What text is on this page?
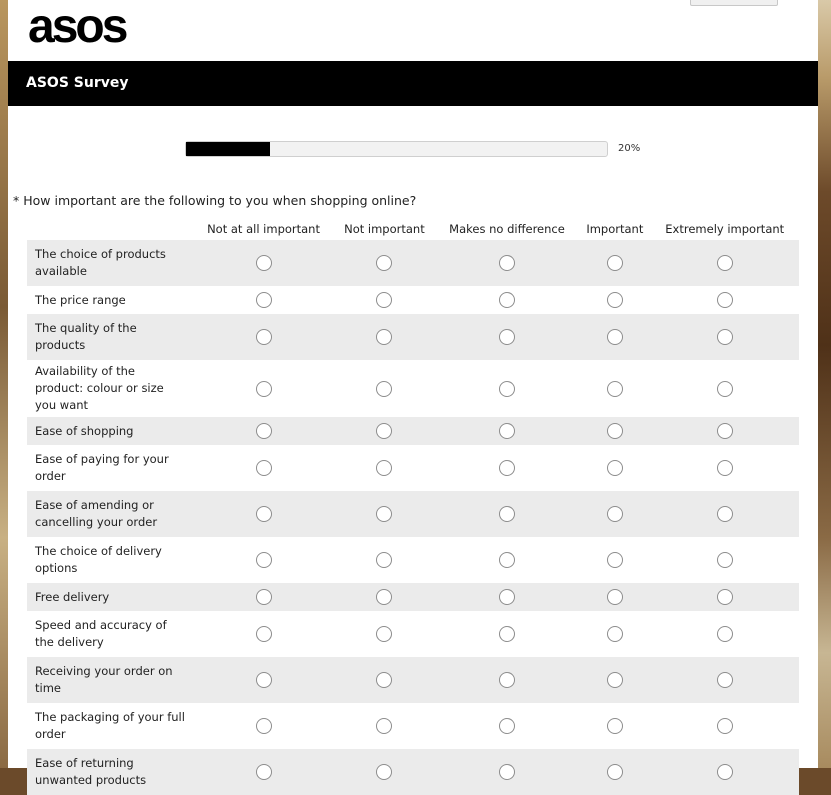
asos
ASOS Survey
20%
* How important are the following to you when shopping online?
	Not at all important	Not important	Makes no difference	Important	Extremely important
The choice of products available					
The price range					
The quality of the products					
Availability of the product: colour or size you want					
Ease of shopping					
Ease of paying for your order					
Ease of amending or cancelling your order					
The choice of delivery options					
Free delivery					
Speed and accuracy of the delivery					
Receiving your order on time					
The packaging of your full order					
Ease of returning unwanted products					
